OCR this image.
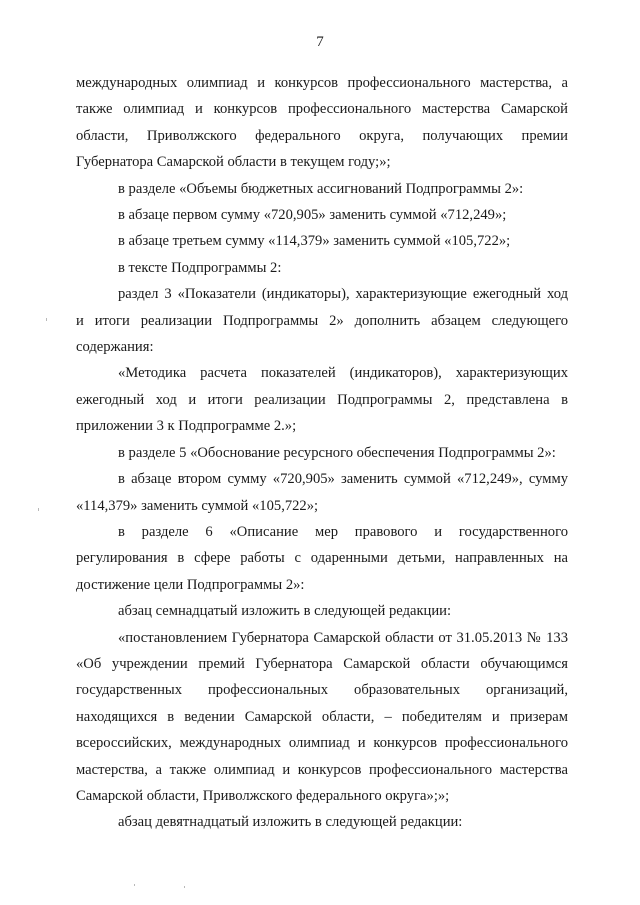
7
международных олимпиад и конкурсов профессионального мастерства, а
также олимпиад и конкурсов профессионального мастерства Самарской
области, Приволжского федерального округа, получающих премии
Губернатора Самарской области в текущем году;»;
в разделе «Объемы бюджетных ассигнований Подпрограммы 2»:
в абзаце первом сумму «720,905» заменить суммой «712,249»;
в абзаце третьем сумму «114,379» заменить суммой «105,722»;
в тексте Подпрограммы 2:
раздел 3 «Показатели (индикаторы), характеризующие ежегодный ход
и итоги реализации Подпрограммы 2» дополнить абзацем следующего
содержания:
«Методика расчета показателей (индикаторов), характеризующих
ежегодный ход и итоги реализации Подпрограммы 2, представлена в
приложении 3 к Подпрограмме 2.»;
в разделе 5 «Обоснование ресурсного обеспечения Подпрограммы 2»:
в абзаце втором сумму «720,905» заменить суммой «712,249», сумму
«114,379» заменить суммой «105,722»;
в разделе 6 «Описание мер правового и государственного
регулирования в сфере работы с одаренными детьми, направленных на
достижение цели Подпрограммы 2»:
абзац семнадцатый изложить в следующей редакции:
«постановлением Губернатора Самарской области от 31.05.2013 № 133
«Об учреждении премий Губернатора Самарской области обучающимся
государственных профессиональных образовательных организаций,
находящихся в ведении Самарской области, – победителям и призерам
всероссийских, международных олимпиад и конкурсов профессионального
мастерства, а также олимпиад и конкурсов профессионального мастерства
Самарской области, Приволжского федерального округа»;»;
абзац девятнадцатый изложить в следующей редакции:
